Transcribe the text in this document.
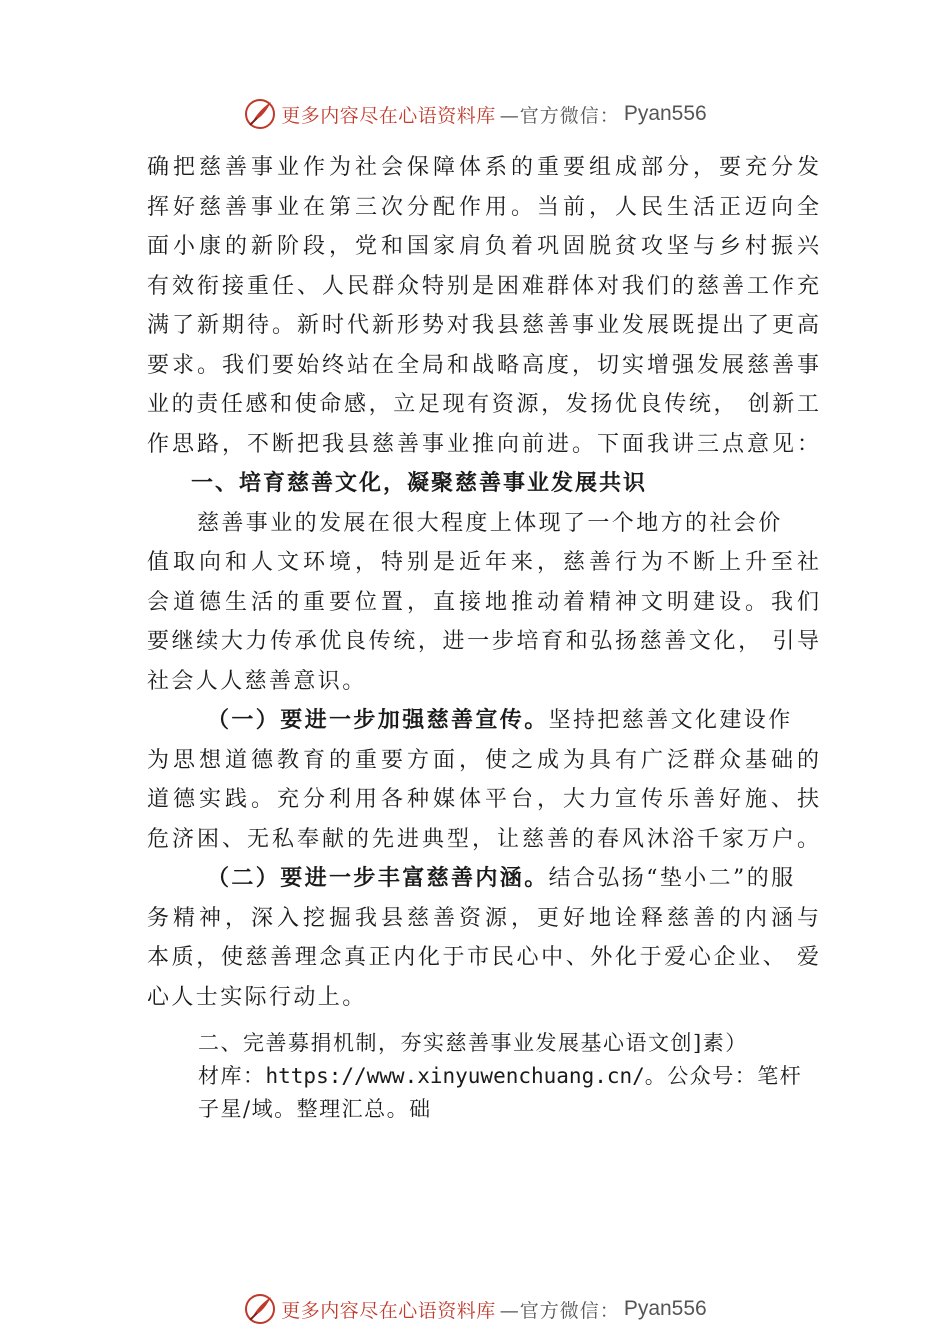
更多内容尽在心语资料库 —官方微信： Pyan556
确把慈善事业作为社会保障体系的重要组成部分，要充分发
挥好慈善事业在第三次分配作用。当前，人民生活正迈向全
面小康的新阶段，党和国家肩负着巩固脱贫攻坚与乡村振兴
有效衔接重任、人民群众特别是困难群体对我们的慈善工作充
满了新期待。新时代新形势对我县慈善事业发展既提出了更高
要求。我们要始终站在全局和战略高度，切实增强发展慈善事
业的责任感和使命感，立足现有资源，发扬优良传统， 创新工
作思路，不断把我县慈善事业推向前进。下面我讲三点意见：
一、培育慈善文化，凝聚慈善事业发展共识
慈善事业的发展在很大程度上体现了一个地方的社会价
值取向和人文环境，特别是近年来，慈善行为不断上升至社
会道德生活的重要位置，直接地推动着精神文明建设。我们
要继续大力传承优良传统，进一步培育和弘扬慈善文化， 引导
社会人人慈善意识。
（一）要进一步加强慈善宣传。坚持把慈善文化建设作
为思想道德教育的重要方面，使之成为具有广泛群众基础的
道德实践。充分利用各种媒体平台，大力宣传乐善好施、扶
危济困、无私奉献的先进典型，让慈善的春风沐浴千家万户。
（二）要进一步丰富慈善内涵。结合弘扬“垫小二”的服
务精神，深入挖掘我县慈善资源，更好地诠释慈善的内涵与
本质，使慈善理念真正内化于市民心中、外化于爱心企业、 爱
心人士实际行动上。
二、完善募捐机制，夯实慈善事业发展基心语文创]素）
材库：https://www.xinyuwenchuang.cn/。公众号：笔杆
子星/域。整理汇总。础
更多内容尽在心语资料库 —官方微信： Pyan556
